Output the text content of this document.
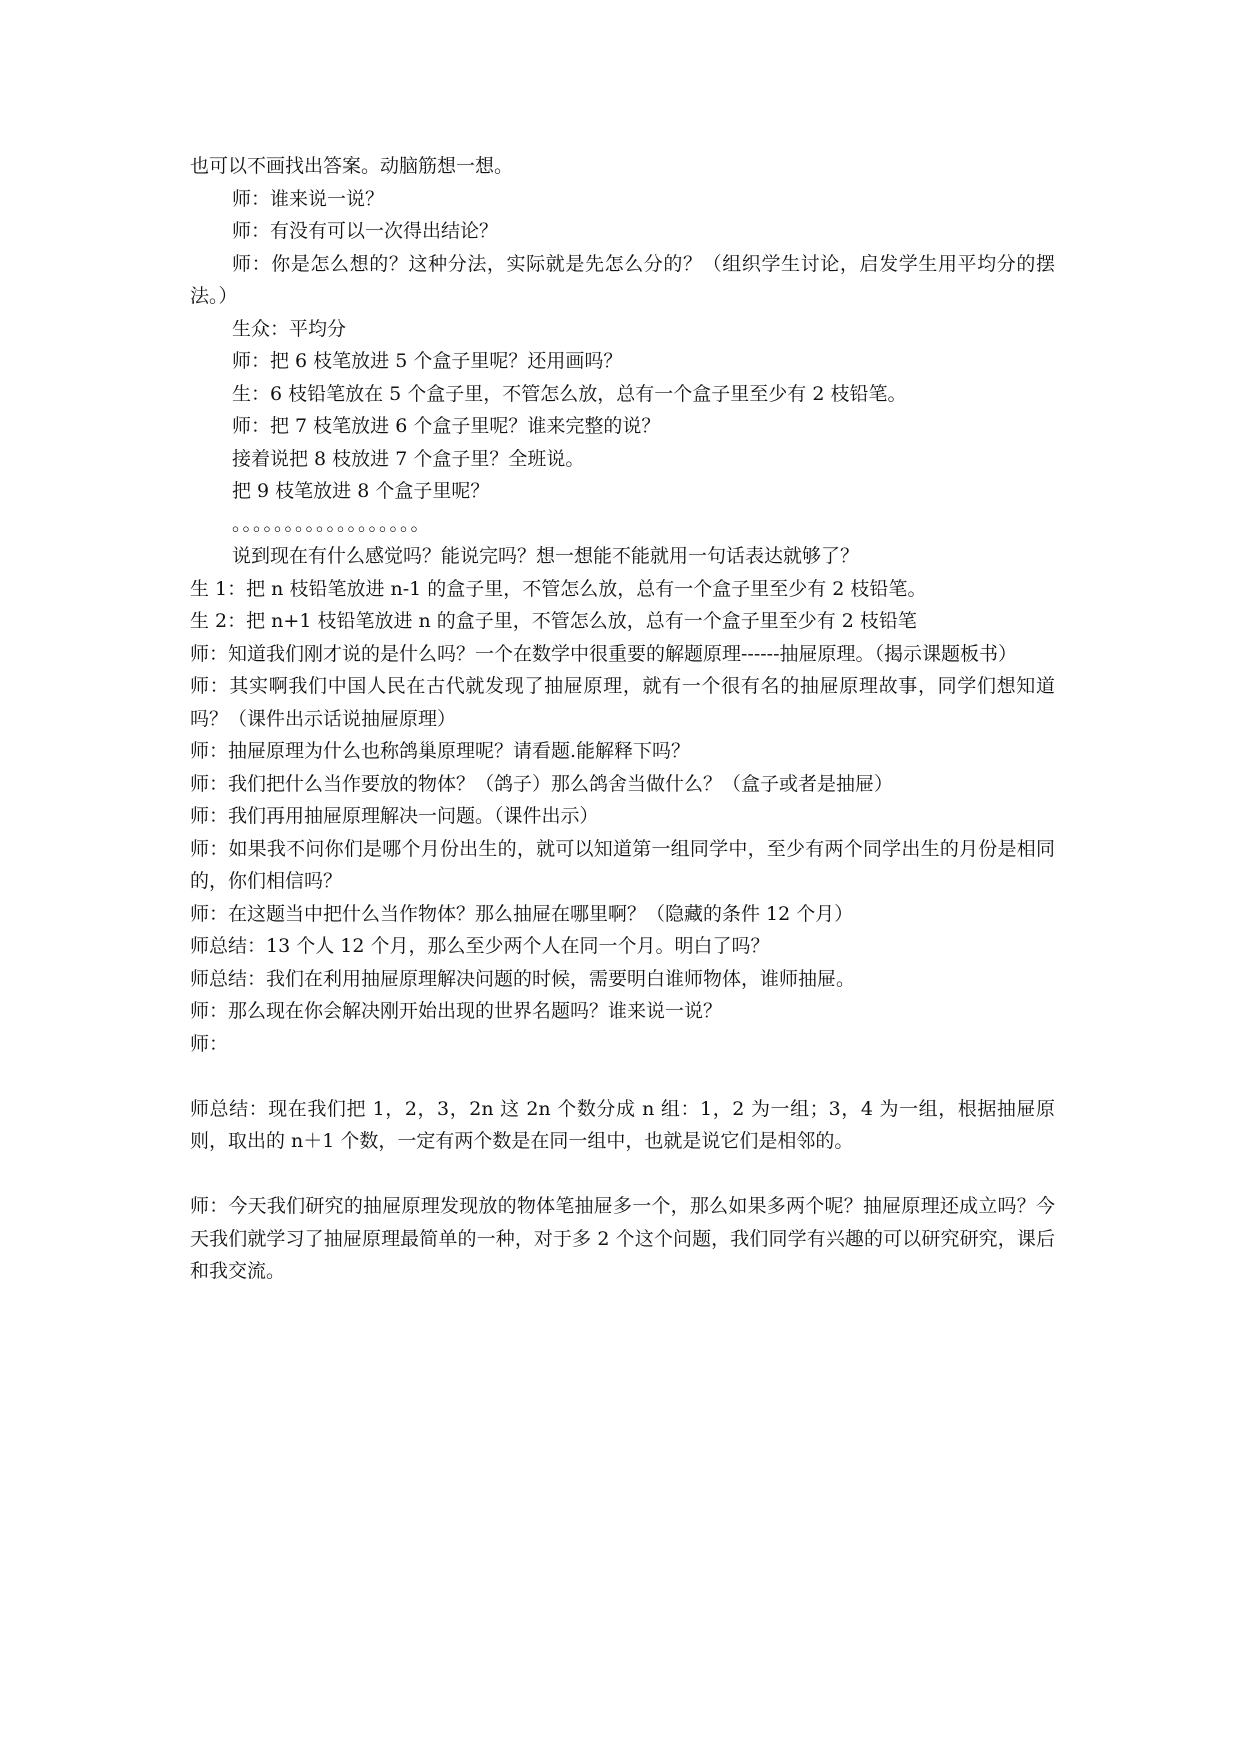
也可以不画找出答案。动脑筋想一想。

师：谁来说一说？

师：有没有可以一次得出结论？

师：你是怎么想的？这种分法，实际就是先怎么分的？（组织学生讨论，启发学生用平均分的摆法。）

生众：平均分

师：把 6 枝笔放进 5 个盒子里呢？还用画吗？

生：6 枝铅笔放在 5 个盒子里，不管怎么放，总有一个盒子里至少有 2 枝铅笔。

师：把 7 枝笔放进 6 个盒子里呢？谁来完整的说？

接着说把 8 枝放进 7 个盒子里？全班说。

把 9 枝笔放进 8 个盒子里呢？

。。。。。。。。。。。。。。。。。。

说到现在有什么感觉吗？能说完吗？想一想能不能就用一句话表达就够了？

生 1：把 n 枝铅笔放进 n-1 的盒子里，不管怎么放，总有一个盒子里至少有 2 枝铅笔。

生 2：把 n+1 枝铅笔放进 n 的盒子里，不管怎么放，总有一个盒子里至少有 2 枝铅笔

师：知道我们刚才说的是什么吗？一个在数学中很重要的解题原理------抽屉原理。（揭示课题板书）

师：其实啊我们中国人民在古代就发现了抽屉原理，就有一个很有名的抽屉原理故事，同学们想知道吗？（课件出示话说抽屉原理）

师：抽屉原理为什么也称鸽巢原理呢？请看题.能解释下吗？

师：我们把什么当作要放的物体？（鸽子）那么鸽舍当做什么？（盒子或者是抽屉）

师：我们再用抽屉原理解决一问题。（课件出示）

师：如果我不问你们是哪个月份出生的，就可以知道第一组同学中，至少有两个同学出生的月份是相同的，你们相信吗？

师：在这题当中把什么当作物体？那么抽屉在哪里啊？（隐藏的条件 12 个月）

师总结：13 个人 12 个月，那么至少两个人在同一个月。明白了吗？

师总结：我们在利用抽屉原理解决问题的时候，需要明白谁师物体，谁师抽屉。

师：那么现在你会解决刚开始出现的世界名题吗？谁来说一说？

师：

师总结：现在我们把 1，2，3，2n 这 2n 个数分成 n 组：1，2 为一组；3，4 为一组，根据抽屉原则，取出的 n＋1 个数，一定有两个数是在同一组中，也就是说它们是相邻的。

师：今天我们研究的抽屉原理发现放的物体笔抽屉多一个，那么如果多两个呢？抽屉原理还成立吗？今天我们就学习了抽屉原理最简单的一种，对于多 2 个这个问题，我们同学有兴趣的可以研究研究，课后和我交流。
